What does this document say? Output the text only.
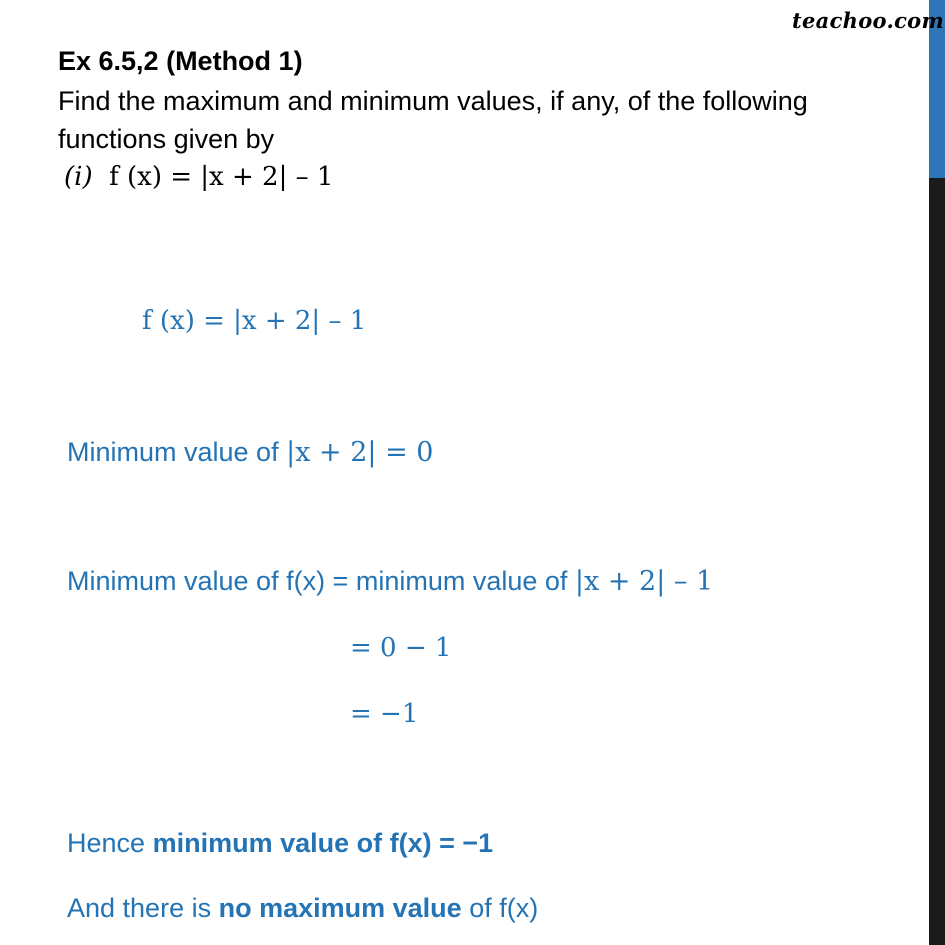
teachoo.com
Ex 6.5,2 (Method 1)
Find the maximum and minimum values, if any, of the following
functions given by
(i) f (x) = |x + 2| – 1
f (x) = |x + 2| – 1
Minimum value of |x + 2| = 0
Minimum value of f(x) = minimum value of |x + 2| – 1
= 0 − 1
= −1
Hence minimum value of f(x) = −1
And there is no maximum value of f(x)
